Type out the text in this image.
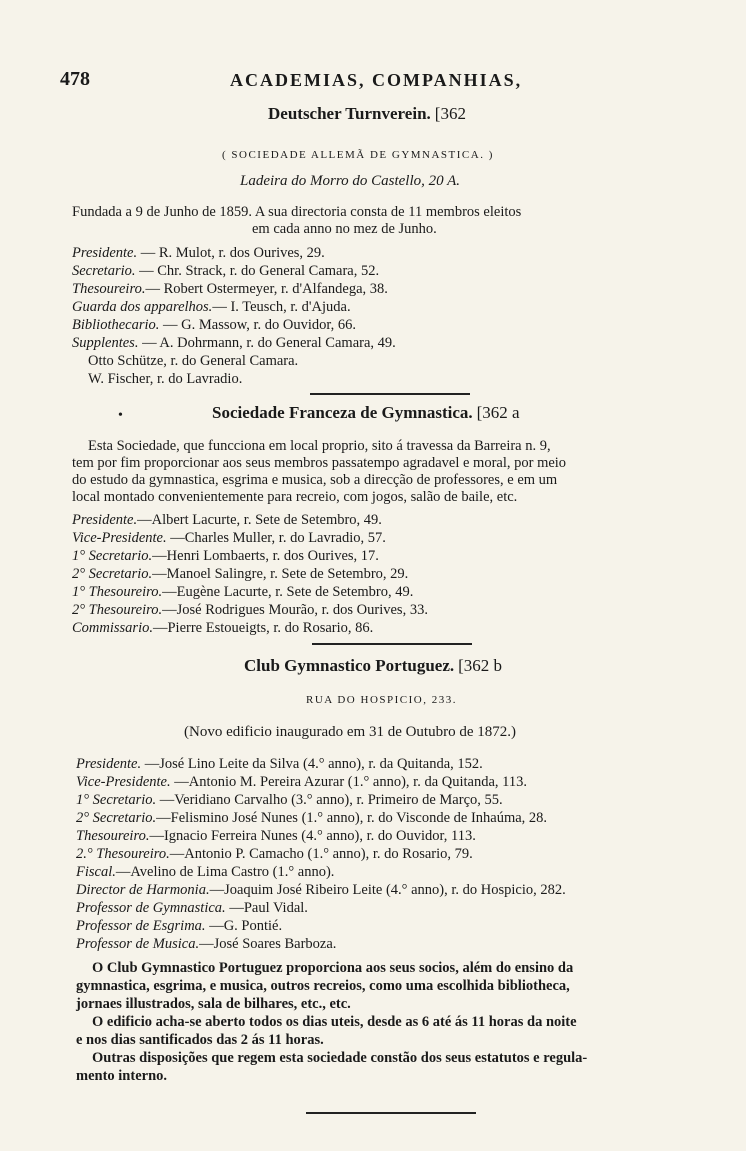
478	ACADEMIAS, COMPANHIAS,
Deutscher Turnverein. [362
( SOCIEDADE ALLEMÃ DE GYMNASTICA. )
Ladeira do Morro do Castello, 20 A.
Fundada a 9 de Junho de 1859. A sua directoria consta de 11 membros eleitos
em cada anno no mez de Junho.
Presidente. — R. Mulot, r. dos Ourives, 29.
Secretario. — Chr. Strack, r. do General Camara, 52.
Thesoureiro.— Robert Ostermeyer, r. d'Alfandega, 38.
Guarda dos apparelhos.— I. Teusch, r. d'Ajuda.
Bibliothecario. — G. Massow, r. do Ouvidor, 66.
Supplentes. — A. Dohrmann, r. do General Camara, 49.
Otto Schütze, r. do General Camara.
W. Fischer, r. do Lavradio.
•	Sociedade Franceza de Gymnastica. [362 a
Esta Sociedade, que funcciona em local proprio, sito á travessa da Barreira n. 9,
tem por fim proporcionar aos seus membros passatempo agradavel e moral, por meio
do estudo da gymnastica, esgrima e musica, sob a direcção de professores, e em um
local montado convenientemente para recreio, com jogos, salão de baile, etc.
Presidente.—Albert Lacurte, r. Sete de Setembro, 49.
Vice-Presidente. —Charles Muller, r. do Lavradio, 57.
1° Secretario.—Henri Lombaerts, r. dos Ourives, 17.
2° Secretario.—Manoel Salingre, r. Sete de Setembro, 29.
1° Thesoureiro.—Eugène Lacurte, r. Sete de Setembro, 49.
2° Thesoureiro.—José Rodrigues Mourão, r. dos Ourives, 33.
Commissario.—Pierre Estoueigts, r. do Rosario, 86.
Club Gymnastico Portuguez. [362 b
RUA DO HOSPICIO, 233.
(Novo edificio inaugurado em 31 de Outubro de 1872.)
Presidente. —José Lino Leite da Silva (4.° anno), r. da Quitanda, 152.
Vice-Presidente. —Antonio M. Pereira Azurar (1.° anno), r. da Quitanda, 113.
1° Secretario. —Veridiano Carvalho (3.° anno), r. Primeiro de Março, 55.
2° Secretario.—Felismino José Nunes (1.° anno), r. do Visconde de Inhaúma, 28.
Thesoureiro.—Ignacio Ferreira Nunes (4.° anno), r. do Ouvidor, 113.
2.° Thesoureiro.—Antonio P. Camacho (1.° anno), r. do Rosario, 79.
Fiscal.—Avelino de Lima Castro (1.° anno).
Director de Harmonia.—Joaquim José Ribeiro Leite (4.° anno), r. do Hospicio, 282.
Professor de Gymnastica. —Paul Vidal.
Professor de Esgrima. —G. Pontié.
Professor de Musica.—José Soares Barboza.
O Club Gymnastico Portuguez proporciona aos seus socios, além do ensino da
gymnastica, esgrima, e musica, outros recreios, como uma escolhida bibliotheca,
jornaes illustrados, sala de bilhares, etc., etc.
O edificio acha-se aberto todos os dias uteis, desde as 6 até ás 11 horas da noite
e nos dias santificados das 2 ás 11 horas.
Outras disposições que regem esta sociedade constão dos seus estatutos e regula-
mento interno.
